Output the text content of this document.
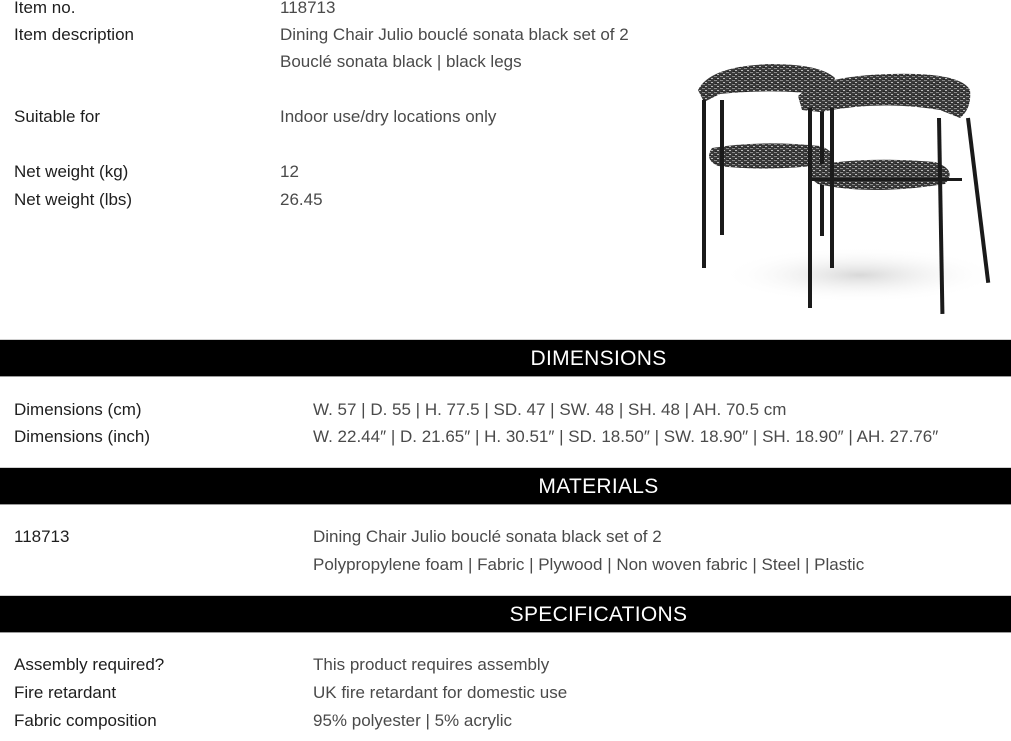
Item no.	118713
Item description	Dining Chair Julio bouclé sonata black set of 2
Bouclé sonata black | black legs
Suitable for	Indoor use/dry locations only
Net weight (kg)	12
Net weight (lbs)	26.45
DIMENSIONS
Dimensions (cm)	W. 57 | D. 55 | H. 77.5 | SD. 47 | SW. 48 | SH. 48 | AH. 70.5 cm
Dimensions (inch)	W. 22.44″ | D. 21.65″ | H. 30.51″ | SD. 18.50″ | SW. 18.90″ | SH. 18.90″ | AH. 27.76″
MATERIALS
118713	Dining Chair Julio bouclé sonata black set of 2
Polypropylene foam | Fabric | Plywood | Non woven fabric | Steel | Plastic
SPECIFICATIONS
Assembly required?	This product requires assembly
Fire retardant	UK fire retardant for domestic use
Fabric composition	95% polyester | 5% acrylic
